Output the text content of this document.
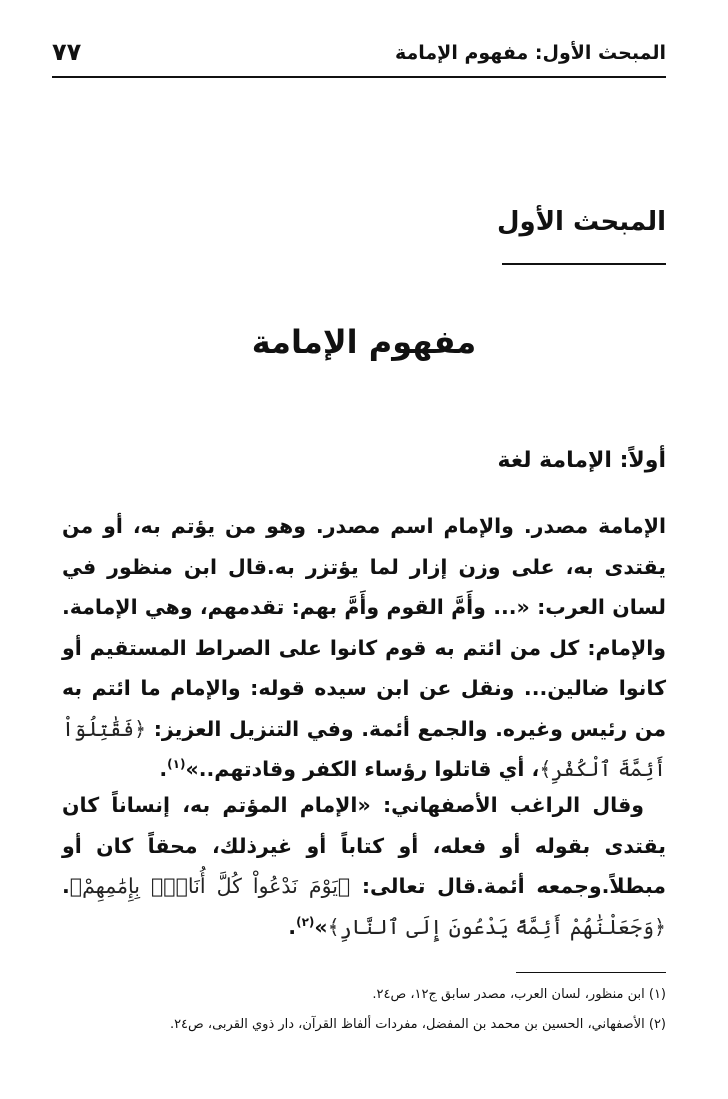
المبحث الأول: مفهوم الإمامة
٧٧
المبحث الأول
مفهوم الإمامة
أولاً: الإمامة لغة

الإمامة مصدر. والإمام اسم مصدر. وهو من يؤتم به، أو من يقتدى به، على وزن إزار لما يؤتزر به.قال ابن منظور في لسان العرب: «... وأَمَّ القوم وأَمَّ بهم: تقدمهم، وهي الإمامة. والإمام: كل من ائتم به قوم كانوا على الصراط المستقيم أو كانوا ضالين... ونقل عن ابن سيده قوله: والإمام ما ائتم به من رئيس وغيره. والجمع أئمة. وفي التنزيل العزيز: ﴿فَقَٰتِلُوٓاْ أَئِمَّةَ ٱلْكُفْرِ﴾، أي قاتلوا رؤساء الكفر وقادتهم..»$^{(١)}$.

وقال الراغب الأصفهاني: «الإمام المؤتم به، إنساناً كان يقتدى بقوله أو فعله، أو كتاباً أو غيرذلك، محقاً كان أو مبطلاً.وجمعه أئمة.قال تعالى: ﴿يَوْمَ نَدْعُواْ كُلَّ أُنَاسٍۭ بِإِمَٰمِهِمْ﴾. ﴿وَجَعَلْنَٰهُمْ أَئِمَّةً يَدْعُونَ إِلَى ٱلنَّارِ﴾»$^{(٢)}$.

(١) ابن منظور، لسان العرب، مصدر سابق ج١٢، ص٢٤.
(٢) الأصفهاني، الحسين بن محمد بن المفضل، مفردات ألفاظ القرآن، دار ذوي القربى، ص٢٤.
